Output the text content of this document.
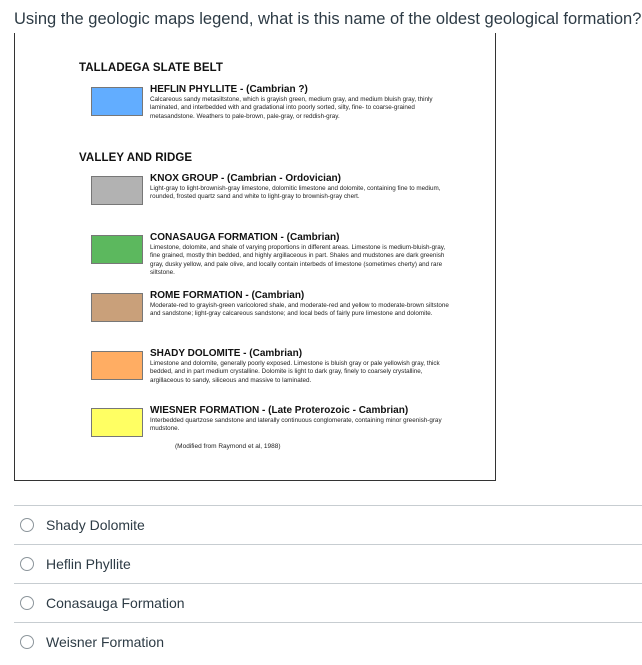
Using the geologic maps legend, what is this name of the oldest geological formation?
TALLADEGA SLATE BELT
HEFLIN PHYLLITE - (Cambrian ?)
Calcareous sandy metasiltstone, which is grayish green, medium gray, and medium bluish gray, thinly laminated, and interbedded with and gradational into poorly sorted, silty, fine- to coarse-grained metasandstone. Weathers to pale-brown, pale-gray, or reddish-gray.
VALLEY AND RIDGE
KNOX GROUP - (Cambrian - Ordovician)
Light-gray to light-brownish-gray limestone, dolomitic limestone and dolomite, containing fine to medium, rounded, frosted quartz sand and white to light-gray to brownish-gray chert.
CONASAUGA FORMATION - (Cambrian)
Limestone, dolomite, and shale of varying proportions in different areas. Limestone is medium-bluish-gray, fine grained, mostly thin bedded, and highly argillaceous in part. Shales and mudstones are dark greenish gray, dusky yellow, and pale olive, and locally contain interbeds of limestone (sometimes cherty) and rare siltstone.
ROME FORMATION - (Cambrian)
Moderate-red to grayish-green varicolored shale, and moderate-red and yellow to moderate-brown siltstone and sandstone; light-gray calcareous sandstone; and local beds of fairly pure limestone and dolomite.
SHADY DOLOMITE - (Cambrian)
Limestone and dolomite, generally poorly exposed. Limestone is bluish gray or pale yellowish gray, thick bedded, and in part medium crystalline. Dolomite is light to dark gray, finely to coarsely crystalline, argillaceous to sandy, siliceous and massive to laminated.
WIESNER FORMATION - (Late Proterozoic - Cambrian)
Interbedded quartzose sandstone and laterally continuous conglomerate, containing minor greenish-gray mudstone.
(Modified from Raymond et al, 1988)
Shady Dolomite
Heflin Phyllite
Conasauga Formation
Weisner Formation
